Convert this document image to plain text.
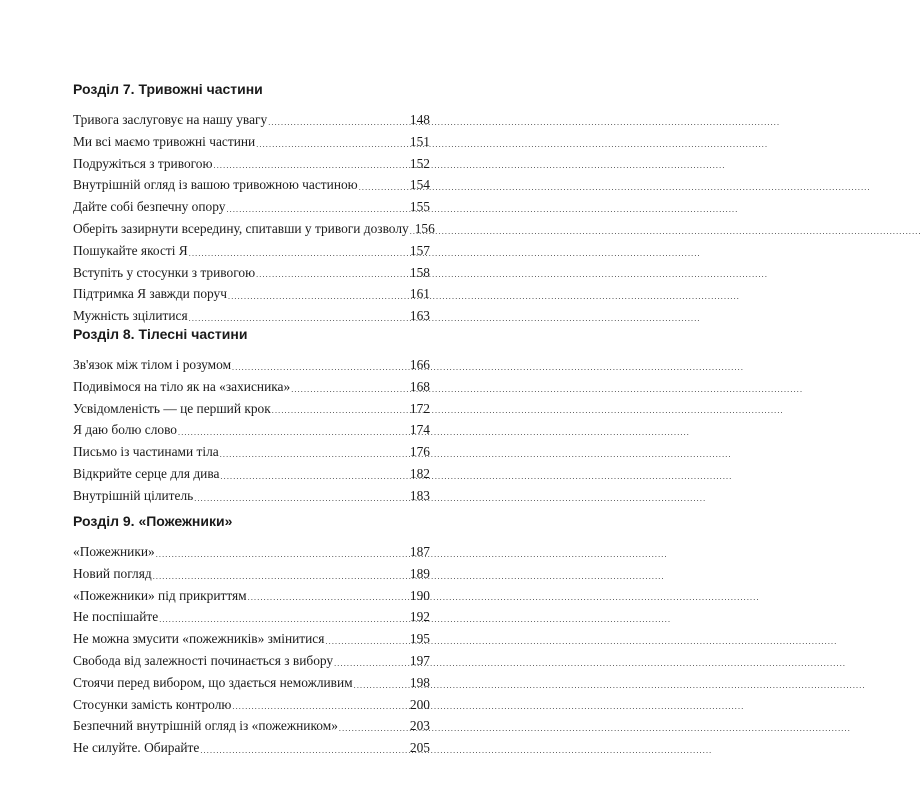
Розділ 7. Тривожні частини
Тривога заслуговує на нашу увагу .....	148
Ми всі маємо тривожні частини .....	151
Подружіться з тривогою .....	152
Внутрішній огляд із вашою тривожною частиною .....	154
Дайте собі безпечну опору .....	155
Оберіть зазирнути всередину, спитавши у тривоги дозволу ..... 156
Пошукайте якості Я .....	157
Вступіть у стосунки з тривогою .....	158
Підтримка Я завжди поруч .....	161
Мужність зцілитися .....	163
Розділ 8. Тілесні частини
Зв'язок між тілом і розумом .....	166
Подивімося на тіло як на «захисника» .....	168
Усвідомленість — це перший крок .....	172
Я даю болю слово .....	174
Письмо із частинами тіла .....	176
Відкрийте серце для дива .....	182
Внутрішній цілитель .....	183
Розділ 9. «Пожежники»
«Пожежники» .....	187
Новий погляд .....	189
«Пожежники» під прикриттям .....	190
Не поспішайте .....	192
Не можна змусити «пожежників» змінитися .....	195
Свобода від залежності починається з вибору .....	197
Стоячи перед вибором, що здається неможливим .....	198
Стосунки замість контролю .....	200
Безпечний внутрішній огляд із «пожежником» .....	203
Не силуйте. Обирайте .....	205
